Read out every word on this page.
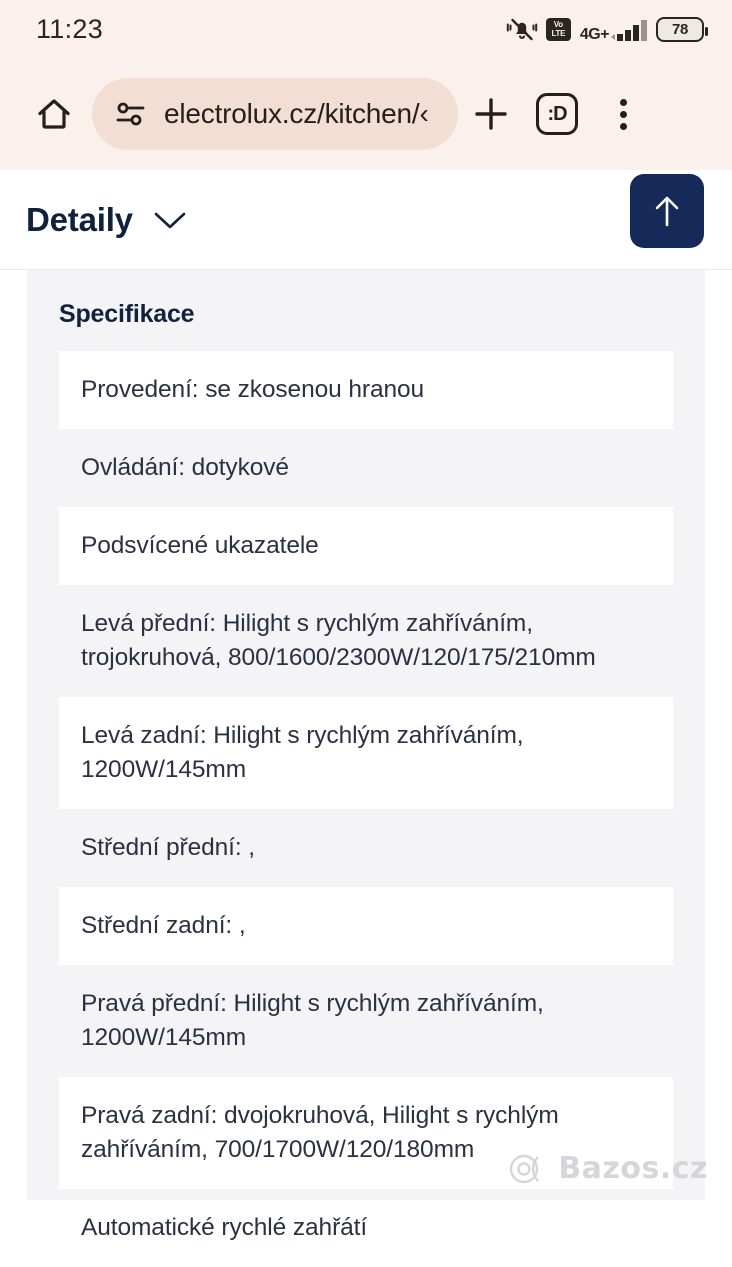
11:23	Vo
LTE 4G+	78
electrolux.cz/kitchen/‹	:D
Detaily
Specifikace
Provedení: se zkosenou hranou
Ovládání: dotykové
Podsvícené ukazatele
Levá přední: Hilight s rychlým zahříváním, trojokruhová, 800/1600/2300W/120/175/210mm
Levá zadní: Hilight s rychlým zahříváním, 1200W/145mm
Střední přední: ,
Střední zadní: ,
Pravá přední: Hilight s rychlým zahříváním, 1200W/145mm
Pravá zadní: dvojokruhová, Hilight s rychlým zahříváním, 700/1700W/120/180mm
Automatické rychlé zahřátí
Bazos.cz
